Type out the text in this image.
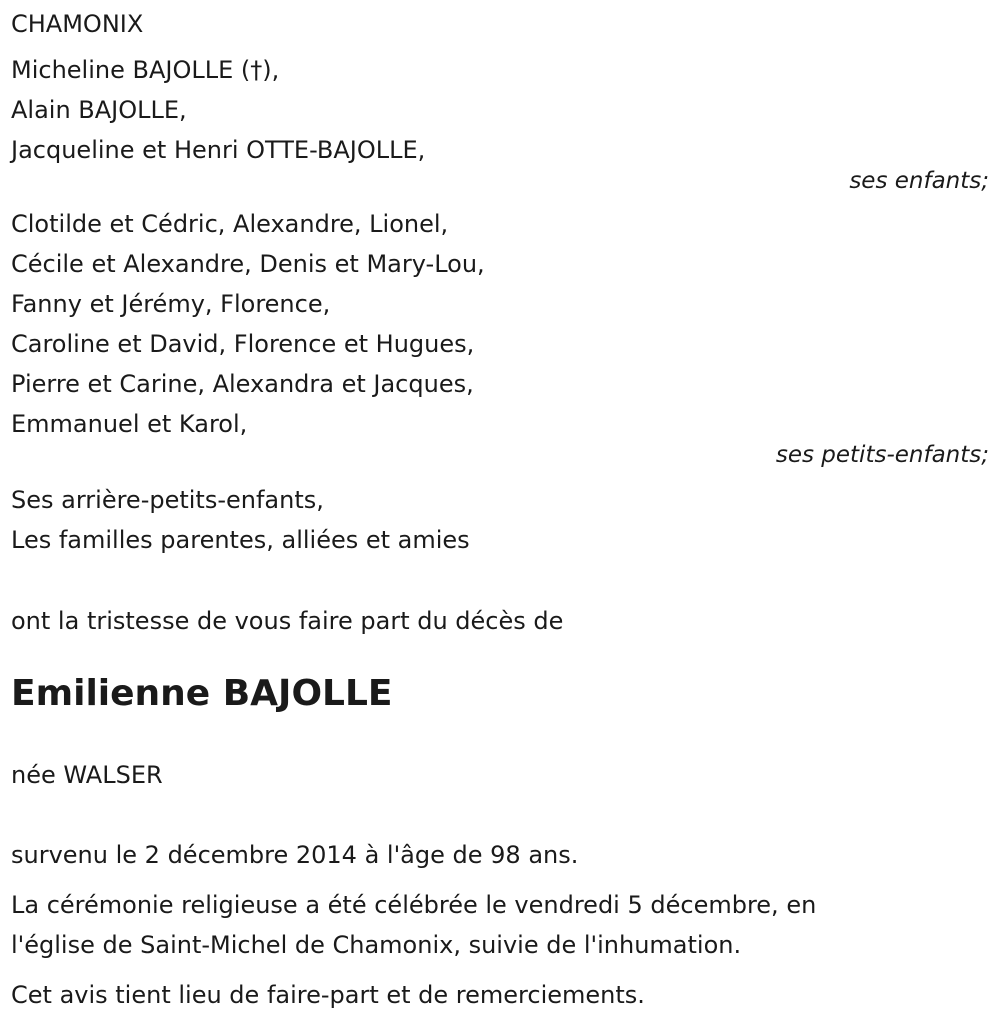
CHAMONIX
Micheline BAJOLLE (†),
Alain BAJOLLE,
Jacqueline et Henri OTTE-BAJOLLE,
ses enfants;
Clotilde et Cédric, Alexandre, Lionel,
Cécile et Alexandre, Denis et Mary-Lou,
Fanny et Jérémy, Florence,
Caroline et David, Florence et Hugues,
Pierre et Carine, Alexandra et Jacques,
Emmanuel et Karol,
ses petits-enfants;
Ses arrière-petits-enfants,
Les familles parentes, alliées et amies
ont la tristesse de vous faire part du décès de
Emilienne BAJOLLE
née WALSER
survenu le 2 décembre 2014 à l'âge de 98 ans.
La cérémonie religieuse a été célébrée le vendredi 5 décembre, en
l'église de Saint-Michel de Chamonix, suivie de l'inhumation.
Cet avis tient lieu de faire-part et de remerciements.
